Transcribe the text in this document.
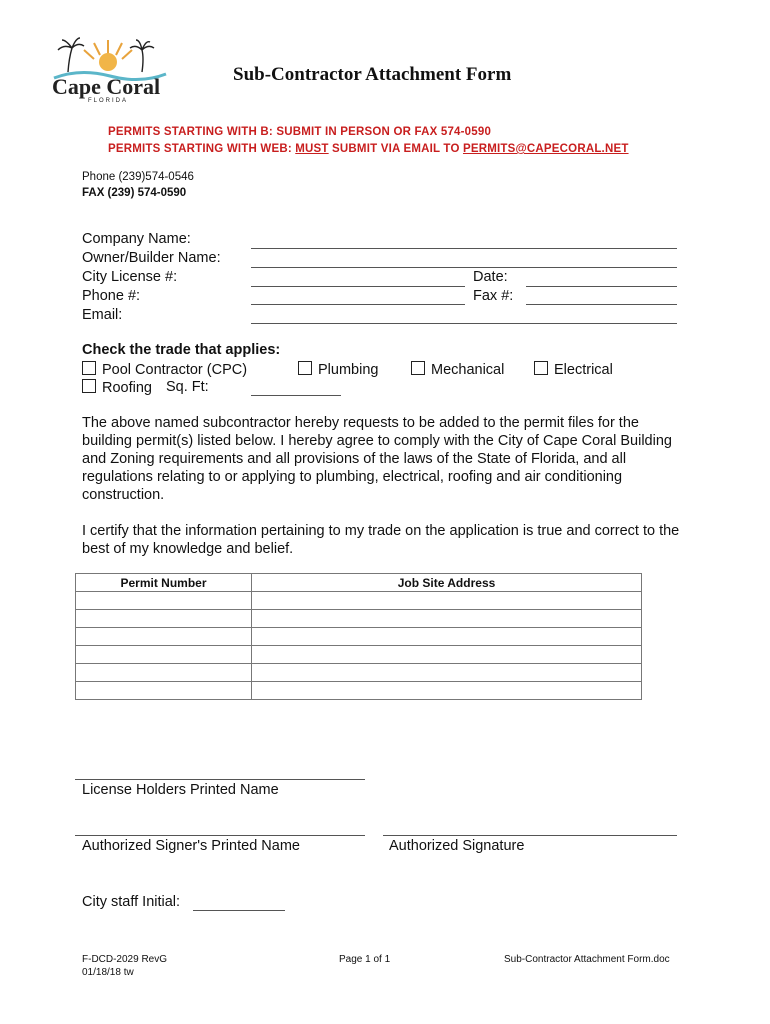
Cape Coral
FLORIDA
Sub-Contractor Attachment Form
PERMITS STARTING WITH B: SUBMIT IN PERSON OR FAX 574-0590
PERMITS STARTING WITH WEB: MUST SUBMIT VIA EMAIL TO PERMITS@CAPECORAL.NET
Phone (239)574-0546
FAX (239) 574-0590
Company Name:
Owner/Builder Name:
City License #:
Phone #:
Email:
Date:
Fax #:
Check the trade that applies:
Pool Contractor (CPC)	Plumbing	Mechanical	Electrical
Roofing Sq. Ft:
The above named subcontractor hereby requests to be added to the permit files for the building permit(s) listed below. I hereby agree to comply with the City of Cape Coral Building and Zoning requirements and all provisions of the laws of the State of Florida, and all regulations relating to or applying to plumbing, electrical, roofing and air conditioning construction.
I certify that the information pertaining to my trade on the application is true and correct to the best of my knowledge and belief.
Permit Number	Job Site Address

License Holders Printed Name
Authorized Signer's Printed Name	Authorized Signature
City staff Initial:
F-DCD-2029 RevG
01/18/18 tw
Page 1 of 1	Sub-Contractor Attachment Form.doc
